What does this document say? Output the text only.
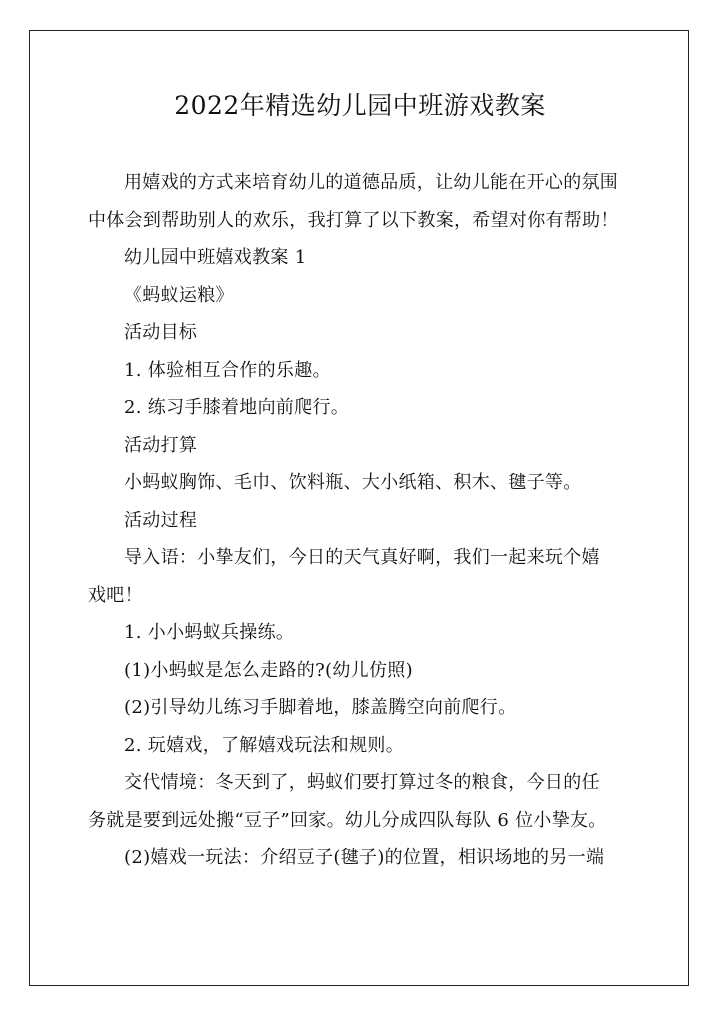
2022年精选幼儿园中班游戏教案

用嬉戏的方式来培育幼儿的道德品质，让幼儿能在开心的氛围

中体会到帮助别人的欢乐，我打算了以下教案，希望对你有帮助！

幼儿园中班嬉戏教案 1

《蚂蚁运粮》

活动目标

1. 体验相互合作的乐趣。

2. 练习手膝着地向前爬行。

活动打算

小蚂蚁胸饰、毛巾、饮料瓶、大小纸箱、积木、毽子等。

活动过程

导入语：小挚友们，今日的天气真好啊，我们一起来玩个嬉

戏吧！

1. 小小蚂蚁兵操练。

(1)小蚂蚁是怎么走路的?(幼儿仿照)

(2)引导幼儿练习手脚着地，膝盖腾空向前爬行。

2. 玩嬉戏，了解嬉戏玩法和规则。

交代情境：冬天到了，蚂蚁们要打算过冬的粮食，今日的任

务就是要到远处搬“豆子”回家。幼儿分成四队每队 6 位小挚友。

(2)嬉戏一玩法：介绍豆子(毽子)的位置，相识场地的另一端
